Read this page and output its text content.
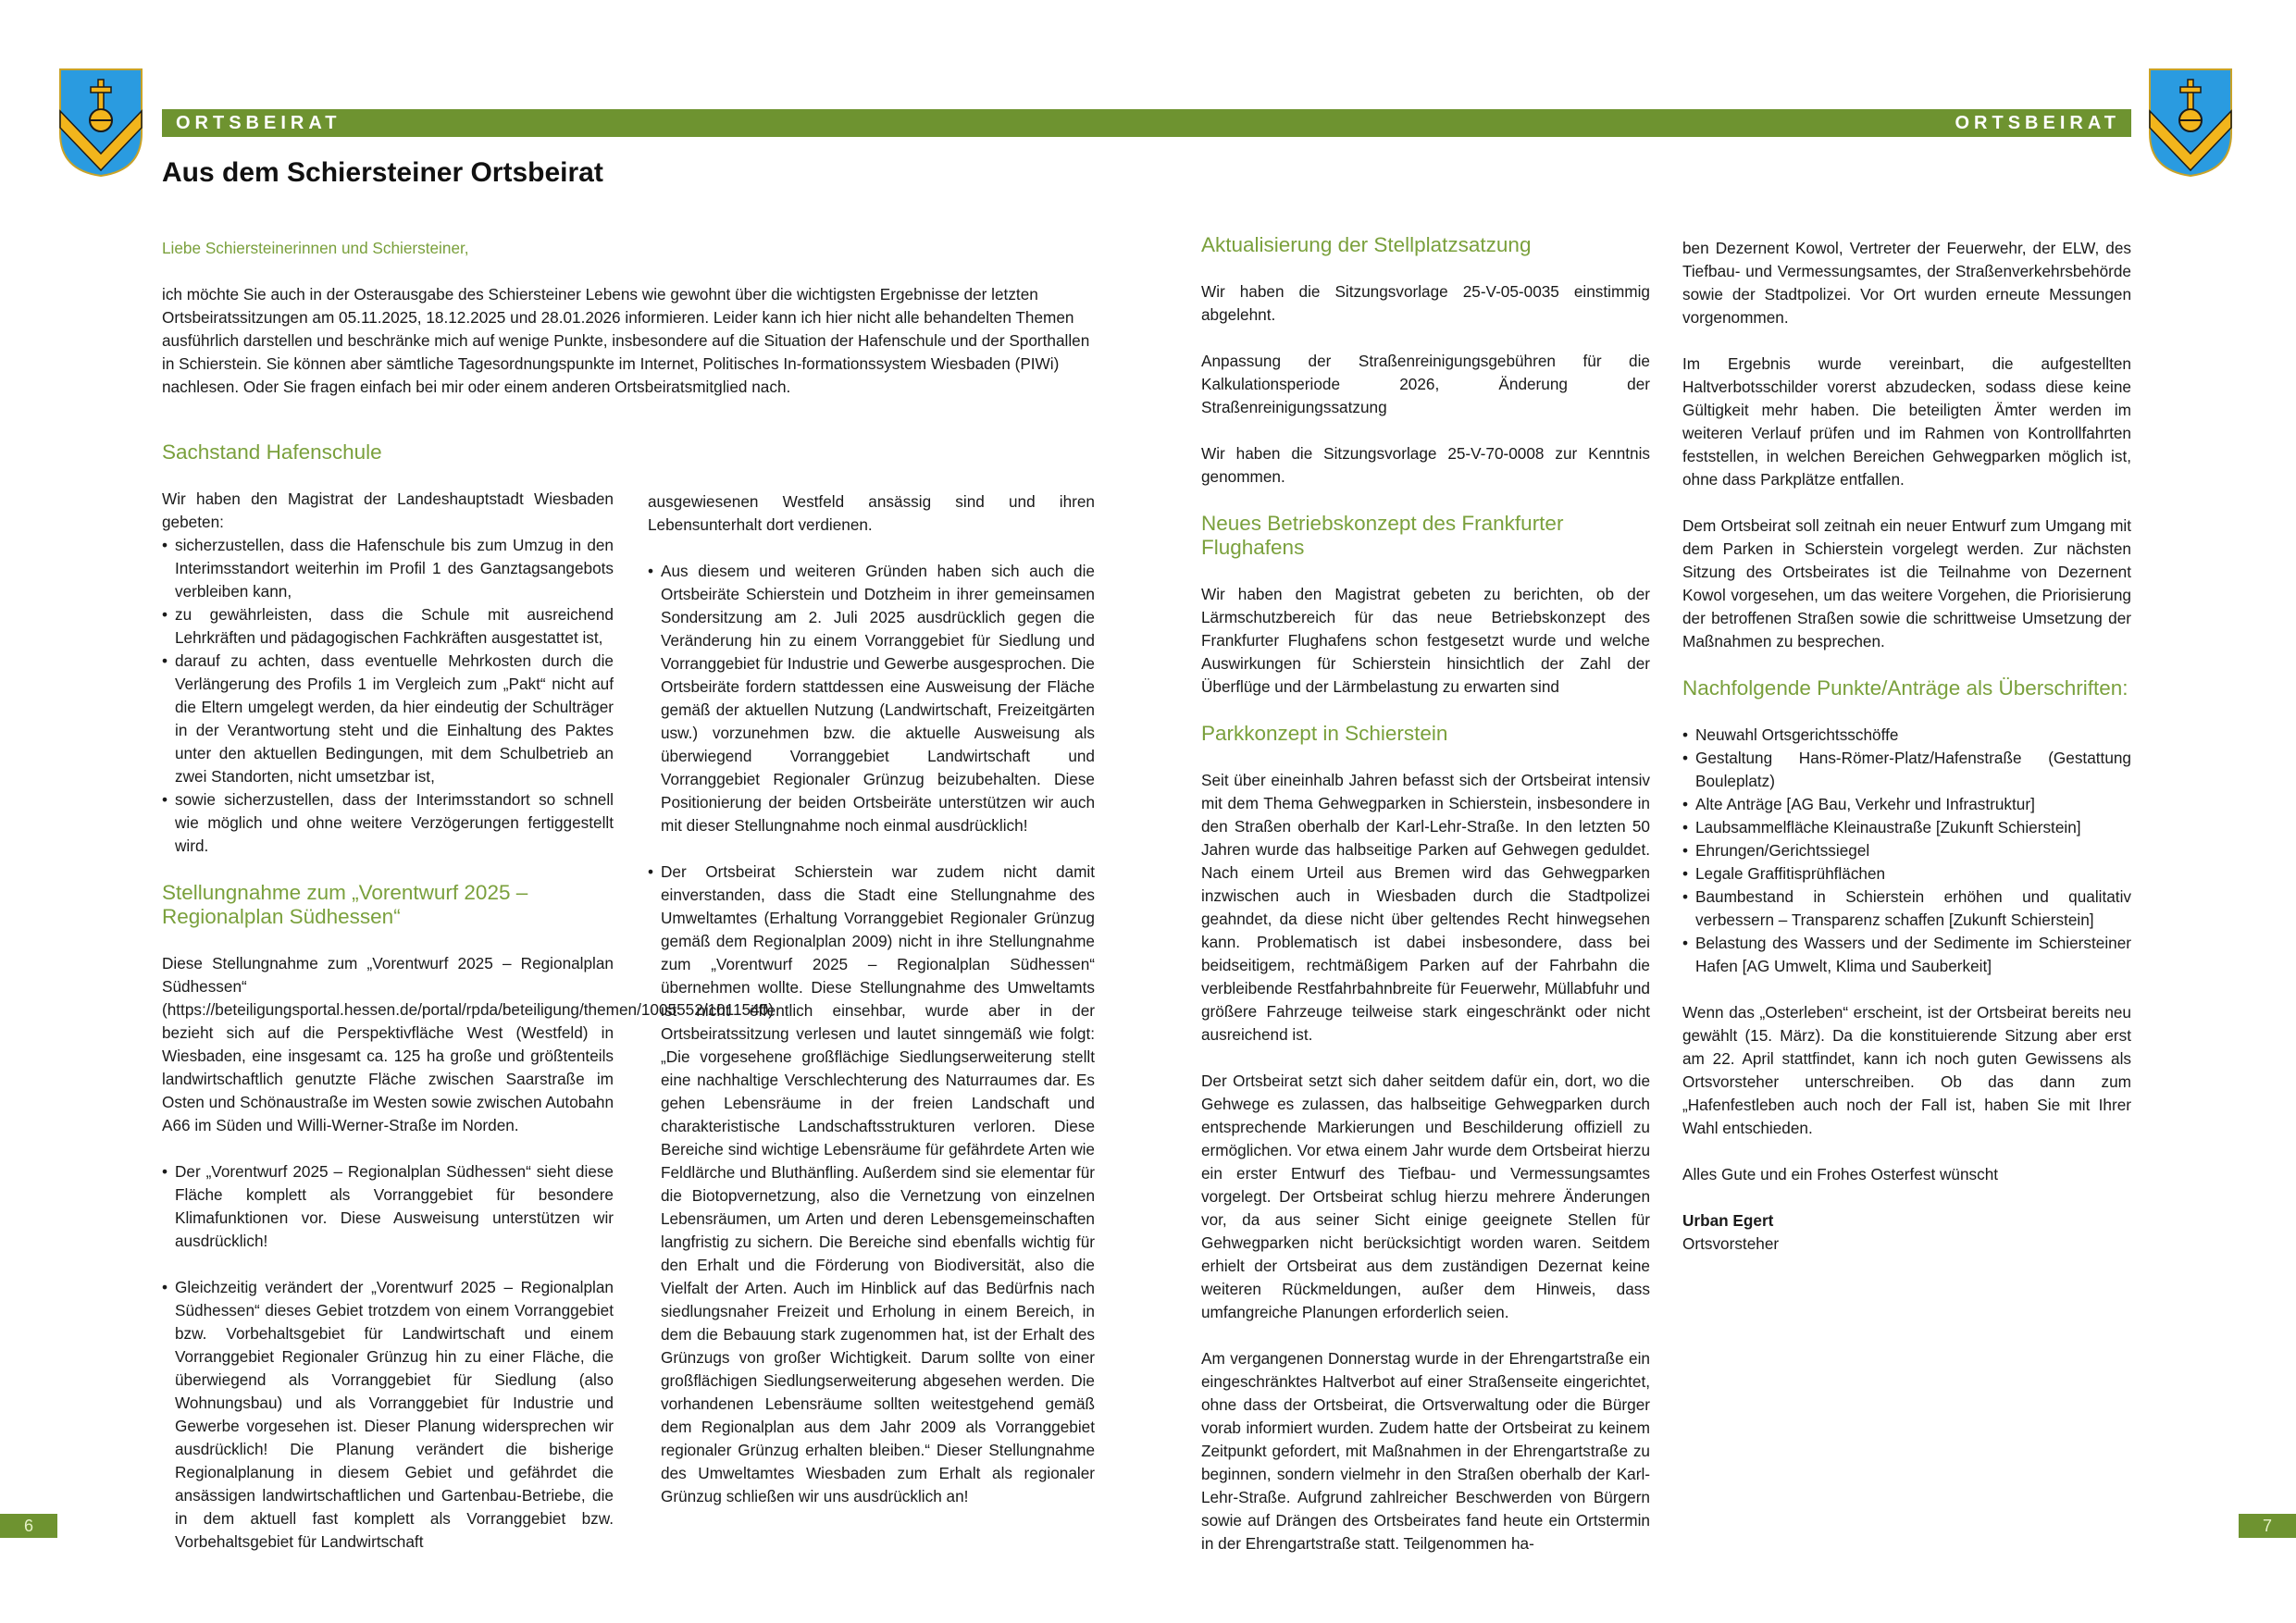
ORTSBEIRAT	ORTSBEIRAT
Aus dem Schiersteiner Ortsbeirat

Liebe Schiersteinerinnen und Schiersteiner,

ich möchte Sie auch in der Osterausgabe des Schiersteiner Lebens wie gewohnt über die wichtigsten Ergebnisse der letzten Ortsbeiratssitzungen am 05.11.2025, 18.12.2025 und 28.01.2026 informieren. Leider kann ich hier nicht alle behandelten Themen ausführlich darstellen und beschränke mich auf wenige Punkte, insbesondere auf die Situation der Hafenschule und der Sporthallen in Schierstein. Sie können aber sämtliche Tagesordnungspunkte im Internet, Politisches In-formationssystem Wiesbaden (PIWi) nachlesen. Oder Sie fragen einfach bei mir oder einem anderen Ortsbeiratsmitglied nach.

Sachstand Hafenschule

Wir haben den Magistrat der Landeshauptstadt Wiesbaden gebeten:

• sicherzustellen, dass die Hafenschule bis zum Umzug in den Interimsstandort weiterhin im Profil 1 des Ganztagsangebots verbleiben kann,
• zu gewährleisten, dass die Schule mit ausreichend Lehrkräften und pädagogischen Fachkräften ausgestattet ist,
• darauf zu achten, dass eventuelle Mehrkosten durch die Verlängerung des Profils 1 im Vergleich zum „Pakt“ nicht auf die Eltern umgelegt werden, da hier eindeutig der Schulträger in der Verantwortung steht und die Einhaltung des Paktes unter den aktuellen Bedingungen, mit dem Schulbetrieb an zwei Standorten, nicht umsetzbar ist,
• sowie sicherzustellen, dass der Interimsstandort so schnell wie möglich und ohne weitere Verzögerungen fertiggestellt wird.
Stellungnahme zum „Vorentwurf 2025 – Regionalplan Südhessen“

Diese Stellungnahme zum „Vorentwurf 2025 – Regionalplan Südhessen“ (https://beteiligungsportal.hessen.de/portal/rpda/beteiligung/themen/1005552/1011540) bezieht sich auf die Perspektivfläche West (Westfeld) in Wiesbaden, eine insgesamt ca. 125 ha große und größtenteils landwirtschaftlich genutzte Fläche zwischen Saarstraße im Osten und Schönaustraße im Westen sowie zwischen Autobahn A66 im Süden und Willi-Werner-Straße im Norden.

• Der „Vorentwurf 2025 – Regionalplan Südhessen“ sieht diese Fläche komplett als Vorranggebiet für besondere Klimafunktionen vor. Diese Ausweisung unterstützen wir ausdrücklich!
• Gleichzeitig verändert der „Vorentwurf 2025 – Regionalplan Südhessen“ dieses Gebiet trotzdem von einem Vorranggebiet bzw. Vorbehaltsgebiet für Landwirtschaft und einem Vorranggebiet Regionaler Grünzug hin zu einer Fläche, die überwiegend als Vorranggebiet für Siedlung (also Wohnungsbau) und als Vorranggebiet für Industrie und Gewerbe vorgesehen ist. Dieser Planung widersprechen wir ausdrücklich! Die Planung verändert die bisherige Regionalplanung in diesem Gebiet und gefährdet die ansässigen landwirtschaftlichen und Gartenbau-Betriebe, die in dem aktuell fast komplett als Vorranggebiet bzw. Vorbehaltsgebiet für Landwirtschaft

ausgewiesenen Westfeld ansässig sind und ihren Lebensunterhalt dort verdienen.

• Aus diesem und weiteren Gründen haben sich auch die Ortsbeiräte Schierstein und Dotzheim in ihrer gemeinsamen Sondersitzung am 2. Juli 2025 ausdrücklich gegen die Veränderung hin zu einem Vorranggebiet für Siedlung und Vorranggebiet für Industrie und Gewerbe ausgesprochen. Die Ortsbeiräte fordern stattdessen eine Ausweisung der Fläche gemäß der aktuellen Nutzung (Landwirtschaft, Freizeitgärten usw.) vorzunehmen bzw. die aktuelle Ausweisung als überwiegend Vorranggebiet Landwirtschaft und Vorranggebiet Regionaler Grünzug beizubehalten. Diese Positionierung der beiden Ortsbeiräte unterstützen wir auch mit dieser Stellungnahme noch einmal ausdrücklich!
• Der Ortsbeirat Schierstein war zudem nicht damit einverstanden, dass die Stadt eine Stellungnahme des Umweltamtes (Erhaltung Vorranggebiet Regionaler Grünzug gemäß dem Regionalplan 2009) nicht in ihre Stellungnahme zum „Vorentwurf 2025 – Regionalplan Südhessen“ übernehmen wollte. Diese Stellungnahme des Umweltamts ist nicht öffentlich einsehbar, wurde aber in der Ortsbeiratssitzung verlesen und lautet sinngemäß wie folgt: „Die vorgesehene großflächige Siedlungserweiterung stellt eine nachhaltige Verschlechterung des Naturraumes dar. Es gehen Lebensräume in der freien Landschaft und charakteristische Landschaftsstrukturen verloren. Diese Bereiche sind wichtige Lebensräume für gefährdete Arten wie Feldlärche und Bluthänfling. Außerdem sind sie elementar für die Biotopvernetzung, also die Vernetzung von einzelnen Lebensräumen, um Arten und deren Lebensgemeinschaften langfristig zu sichern. Die Bereiche sind ebenfalls wichtig für den Erhalt und die Förderung von Biodiversität, also die Vielfalt der Arten. Auch im Hinblick auf das Bedürfnis nach siedlungsnaher Freizeit und Erholung in einem Bereich, in dem die Bebauung stark zugenommen hat, ist der Erhalt des Grünzugs von großer Wichtigkeit. Darum sollte von einer großflächigen Siedlungserweiterung abgesehen werden. Die vorhandenen Lebensräume sollten weitestgehend gemäß dem Regionalplan aus dem Jahr 2009 als Vorranggebiet regionaler Grünzug erhalten bleiben.“ Dieser Stellungnahme des Umweltamtes Wiesbaden zum Erhalt als regionaler Grünzug schließen wir uns ausdrücklich an!
Aktualisierung der Stellplatzsatzung

Wir haben die Sitzungsvorlage 25-V-05-0035 einstimmig abgelehnt.

Anpassung der Straßenreinigungsgebühren für die Kalkulationsperiode 2026, Änderung der Straßenreinigungssatzung

Wir haben die Sitzungsvorlage 25-V-70-0008 zur Kenntnis genommen.

Neues Betriebskonzept des Frankfurter Flughafens

Wir haben den Magistrat gebeten zu berichten, ob der Lärmschutzbereich für das neue Betriebskonzept des Frankfurter Flughafens schon festgesetzt wurde und welche Auswirkungen für Schierstein hinsichtlich der Zahl der Überflüge und der Lärmbelastung zu erwarten sind

Parkkonzept in Schierstein

Seit über eineinhalb Jahren befasst sich der Ortsbeirat intensiv mit dem Thema Gehwegparken in Schierstein, insbesondere in den Straßen oberhalb der Karl-Lehr-Straße. In den letzten 50 Jahren wurde das halbseitige Parken auf Gehwegen geduldet. Nach einem Urteil aus Bremen wird das Gehwegparken inzwischen auch in Wiesbaden durch die Stadtpolizei geahndet, da diese nicht über geltendes Recht hinwegsehen kann. Problematisch ist dabei insbesondere, dass bei beidseitigem, rechtmäßigem Parken auf der Fahrbahn die verbleibende Restfahrbahnbreite für Feuerwehr, Müllabfuhr und größere Fahrzeuge teilweise stark eingeschränkt oder nicht ausreichend ist.

Der Ortsbeirat setzt sich daher seitdem dafür ein, dort, wo die Gehwege es zulassen, das halbseitige Gehwegparken durch entsprechende Markierungen und Beschilderung offiziell zu ermöglichen. Vor etwa einem Jahr wurde dem Ortsbeirat hierzu ein erster Entwurf des Tiefbau- und Vermessungsamtes vorgelegt. Der Ortsbeirat schlug hierzu mehrere Änderungen vor, da aus seiner Sicht einige geeignete Stellen für Gehwegparken nicht berücksichtigt worden waren. Seitdem erhielt der Ortsbeirat aus dem zuständigen Dezernat keine weiteren Rückmeldungen, außer dem Hinweis, dass umfangreiche Planungen erforderlich seien.

Am vergangenen Donnerstag wurde in der Ehrengartstraße ein eingeschränktes Haltverbot auf einer Straßenseite eingerichtet, ohne dass der Ortsbeirat, die Ortsverwaltung oder die Bürger vorab informiert wurden. Zudem hatte der Ortsbeirat zu keinem Zeitpunkt gefordert, mit Maßnahmen in der Ehrengartstraße zu beginnen, sondern vielmehr in den Straßen oberhalb der Karl-Lehr-Straße. Aufgrund zahlreicher Beschwerden von Bürgern sowie auf Drängen des Ortsbeirates fand heute ein Ortstermin in der Ehrengartstraße statt. Teilgenommen ha-

ben Dezernent Kowol, Vertreter der Feuerwehr, der ELW, des Tiefbau- und Vermessungsamtes, der Straßenverkehrsbehörde sowie der Stadtpolizei. Vor Ort wurden erneute Messungen vorgenommen.

Im Ergebnis wurde vereinbart, die aufgestellten Haltverbotsschilder vorerst abzudecken, sodass diese keine Gültigkeit mehr haben. Die beteiligten Ämter werden im weiteren Verlauf prüfen und im Rahmen von Kontrollfahrten feststellen, in welchen Bereichen Gehwegparken möglich ist, ohne dass Parkplätze entfallen.

Dem Ortsbeirat soll zeitnah ein neuer Entwurf zum Umgang mit dem Parken in Schierstein vorgelegt werden. Zur nächsten Sitzung des Ortsbeirates ist die Teilnahme von Dezernent Kowol vorgesehen, um das weitere Vorgehen, die Priorisierung der betroffenen Straßen sowie die schrittweise Umsetzung der Maßnahmen zu besprechen.

Nachfolgende Punkte/Anträge als Überschriften:
• Neuwahl Ortsgerichtsschöffe
• Gestaltung Hans-Römer-Platz/Hafenstraße (Gestattung Bouleplatz)
• Alte Anträge [AG Bau, Verkehr und Infrastruktur]
• Laubsammelfläche Kleinaustraße [Zukunft Schierstein]
• Ehrungen/Gerichtssiegel
• Legale Graffitisprühflächen
• Baumbestand in Schierstein erhöhen und qualitativ verbessern – Transparenz schaffen [Zukunft Schierstein]
• Belastung des Wassers und der Sedimente im Schiersteiner Hafen [AG Umwelt, Klima und Sauberkeit]

Wenn das „Osterleben“ erscheint, ist der Ortsbeirat bereits neu gewählt (15. März). Da die konstituierende Sitzung aber erst am 22. April stattfindet, kann ich noch guten Gewissens als Ortsvorsteher unterschreiben. Ob das dann zum „Hafenfestleben auch noch der Fall ist, haben Sie mit Ihrer Wahl entschieden.

Alles Gute und ein Frohes Osterfest wünscht

Urban Egert
Ortsvorsteher
6	7
